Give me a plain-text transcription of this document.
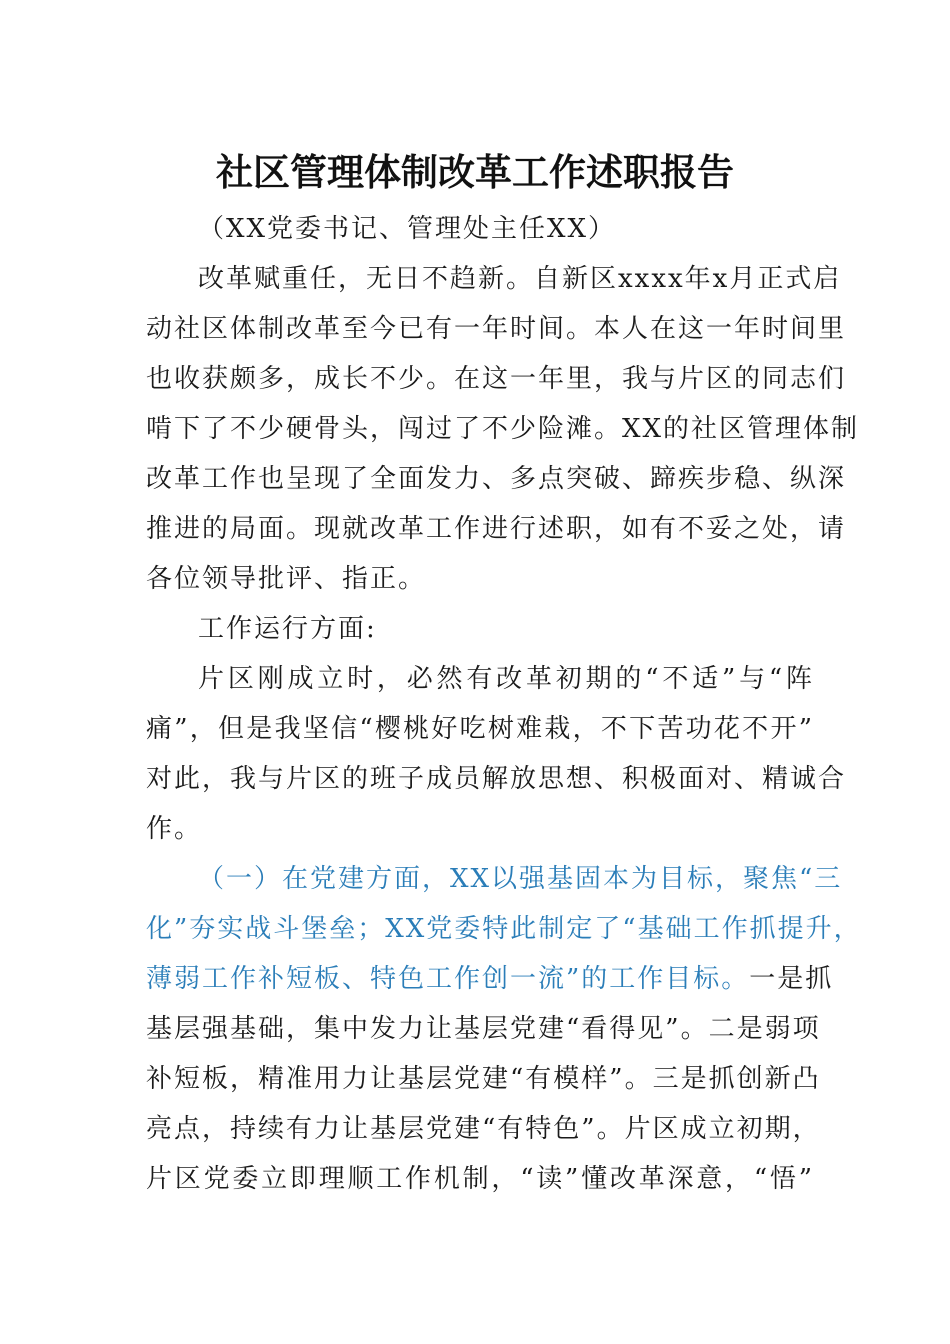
社区管理体制改革工作述职报告
（XX党委书记、管理处主任XX）
改革赋重任，无日不趋新。自新区xxxx年x月正式启
动社区体制改革至今已有一年时间。本人在这一年时间里
也收获颇多，成长不少。在这一年里，我与片区的同志们
啃下了不少硬骨头，闯过了不少险滩。XX的社区管理体制
改革工作也呈现了全面发力、多点突破、蹄疾步稳、纵深
推进的局面。现就改革工作进行述职，如有不妥之处，请
各位领导批评、指正。
工作运行方面:
片区刚成立时，必然有改革初期的“不适”与“阵
痛”，但是我坚信“樱桃好吃树难栽，不下苦功花不开”
对此，我与片区的班子成员解放思想、积极面对、精诚合
作。
（一）在党建方面，XX以强基固本为目标，聚焦“三
化”夯实战斗堡垒；XX党委特此制定了“基础工作抓提升，
薄弱工作补短板、特色工作创一流”的工作目标。一是抓
基层强基础，集中发力让基层党建“看得见”。二是弱项
补短板，精准用力让基层党建“有模样”。三是抓创新凸
亮点，持续有力让基层党建“有特色”。片区成立初期，
片区党委立即理顺工作机制，“读”懂改革深意，“悟”
